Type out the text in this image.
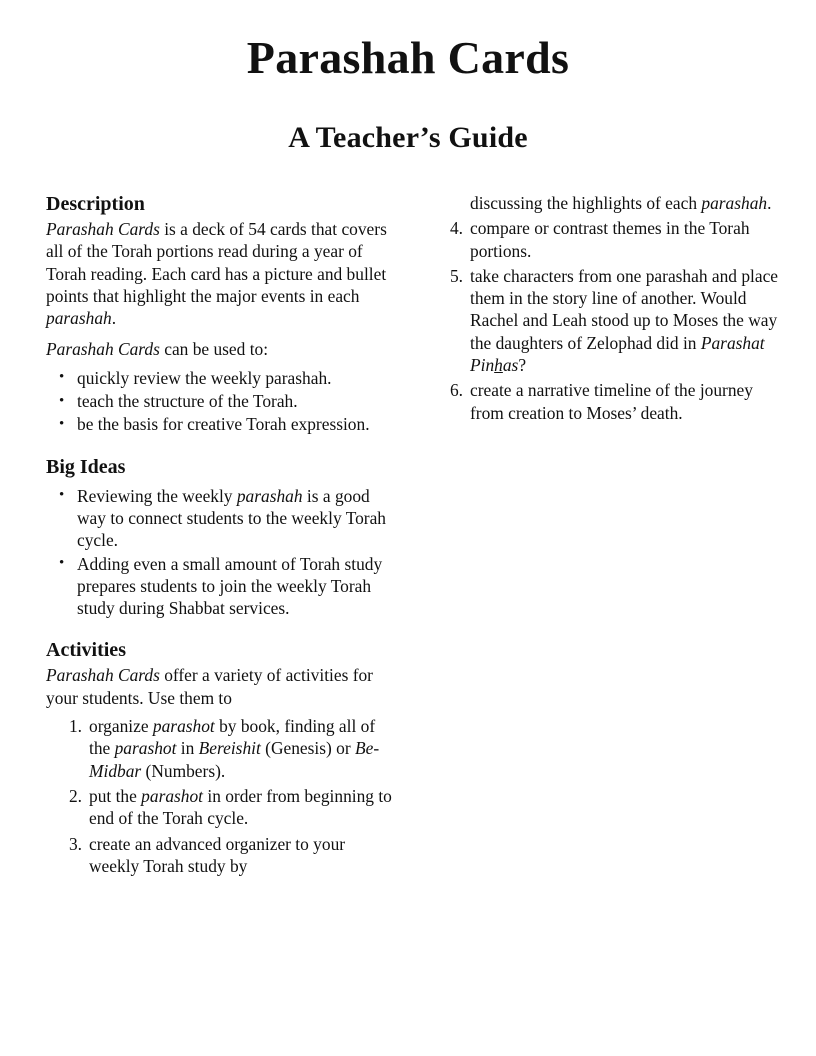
Parashah Cards
A Teacher’s Guide
Description

Parashah Cards is a deck of 54 cards that covers all of the Torah portions read during a year of Torah reading. Each card has a picture and bullet points that highlight the major events in each parashah.

Parashah Cards can be used to:

• quickly review the weekly parashah.
• teach the structure of the Torah.
• be the basis for creative Torah expression.
Big Ideas
• Reviewing the weekly parashah is a good way to connect students to the weekly Torah cycle.
• Adding even a small amount of Torah study prepares students to join the weekly Torah study during Shabbat services.
Activities

Parashah Cards offer a variety of activities for your students. Use them to

1. organize parashot by book, finding all of the parashot in Bereishit (Genesis) or Be-Midbar (Numbers).
2. put the parashot in order from beginning to end of the Torah cycle.
3. create an advanced organizer to your weekly Torah study by

discussing the highlights of each parashah.

4. compare or contrast themes in the Torah portions.
5. take characters from one parashah and place them in the story line of another. Would Rachel and Leah stood up to Moses the way the daughters of Zelophad did in Parashat Pinhas?
6. create a narrative timeline of the journey from creation to Moses’ death.
